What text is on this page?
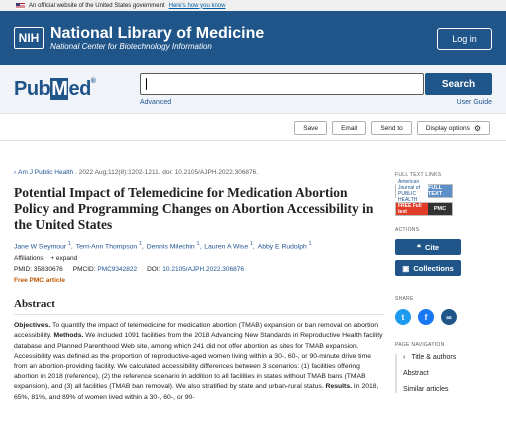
An official website of the United States government Here's how you know
NIH National Library of Medicine
National Center for Biotechnology Information
Log in
PubMed®	Search
Advanced	User Guide
Save	Email	Send to	Display options ⚙
› Am J Public Health . 2022 Aug;112(8):1202-1211. doi: 10.2105/AJPH.2022.306876.
Potential Impact of Telemedicine for Medication Abortion Policy and Programming Changes on Abortion Accessibility in the United States
Jane W Seymour $^1$, Terri-Ann Thompson $^1$, Dennis Milechin $^1$, Lauren A Wise $^1$, Abby E Rudolph $^1$
Affiliations + expand
PMID: 35830676 PMCID: PMC9342822 DOI: 10.2105/AJPH.2022.306876
Free PMC article
Abstract

Objectives. To quantify the impact of telemedicine for medication abortion (TMAB) expansion or ban removal on abortion accessibility. Methods. We included 1091 facilities from the 2018 Advancing New Standards in Reproductive Health facility database and Planned Parenthood Web site, among which 241 did not offer abortion as sites for TMAB expansion. Accessibility was defined as the proportion of reproductive-aged women living within a 30-, 60-, or 90-minute drive time from an abortion-providing facility. We calculated accessibility differences between 3 scenarios: (1) facilities offering abortion in 2018 (reference), (2) the reference scenario in addition to all facilities in states without TMAB bans (TMAB expansion), and (3) all facilities (TMAB ban removal). We also stratified by state and urban-rural status. Results. In 2018, 65%, 81%, and 89% of women lived within a 30-, 60-, or 90-

FULL TEXT LINKS
American Journal of PUBLIC HEALTH
FULL TEXT
FREE Full text	PMC
ACTIONS
❝ Cite
▣ Collections
SHARE
t	f	∞
PAGE NAVIGATION
‹ Title & authors
Abstract
Similar articles
